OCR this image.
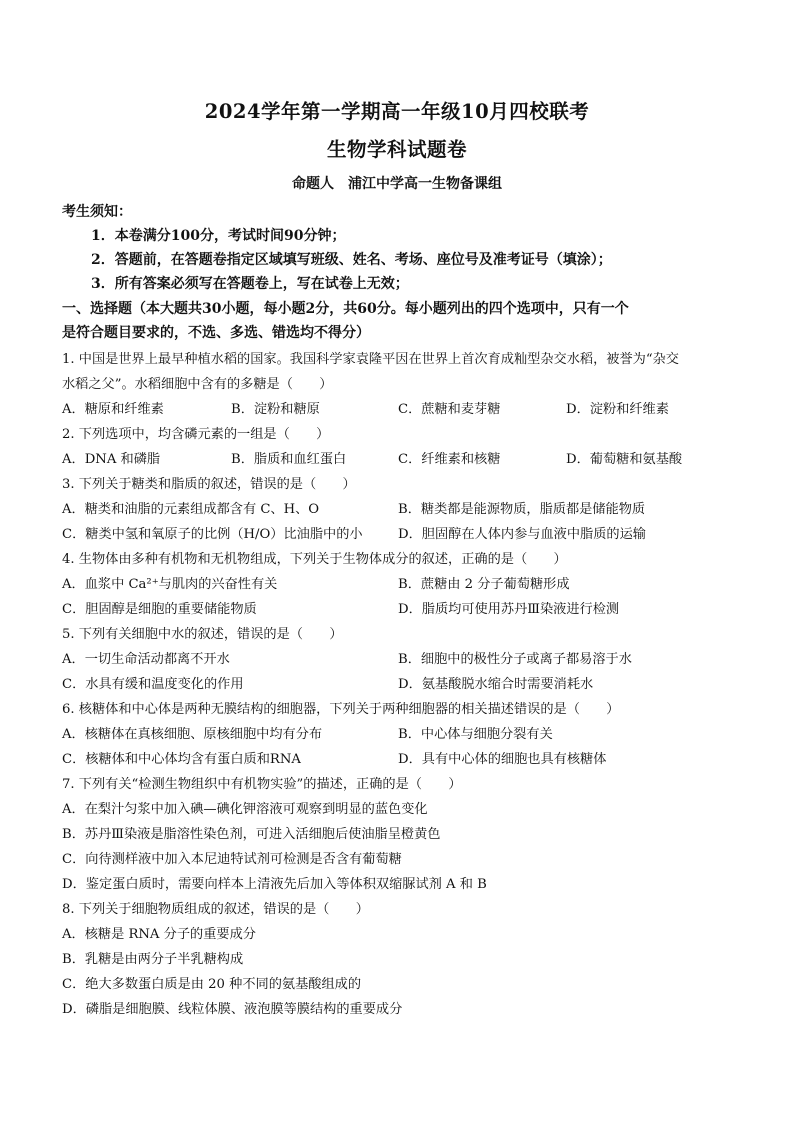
2024学年第一学期高一年级10月四校联考
生物学科试题卷
命题人 浦江中学高一生物备课组
考生须知：
1．本卷满分100分，考试时间90分钟；
2．答题前，在答题卷指定区域填写班级、姓名、考场、座位号及准考证号（填涂）；
3．所有答案必须写在答题卷上，写在试卷上无效；
一、选择题（本大题共30小题，每小题2分，共60分。每小题列出的四个选项中，只有一个
是符合题目要求的，不选、多选、错选均不得分）
1. 中国是世界上最早种植水稻的国家。我国科学家袁隆平因在世界上首次育成籼型杂交水稻，被誉为“杂交
水稻之父”。水稻细胞中含有的多糖是（　　）
A．糖原和纤维素	B．淀粉和糖原	C．蔗糖和麦芽糖	D．淀粉和纤维素
2. 下列选项中，均含磷元素的一组是（　　）
A．DNA 和磷脂	B．脂质和血红蛋白	C．纤维素和核糖	D．葡萄糖和氨基酸
3. 下列关于糖类和脂质的叙述，错误的是（　　）
A．糖类和油脂的元素组成都含有 C、H、O	B．糖类都是能源物质，脂质都是储能物质
C．糖类中氢和氧原子的比例（H/O）比油脂中的小	D．胆固醇在人体内参与血液中脂质的运输
4. 生物体由多种有机物和无机物组成，下列关于生物体成分的叙述，正确的是（　　）
A．血浆中 Ca²⁺与肌肉的兴奋性有关	B．蔗糖由 2 分子葡萄糖形成
C．胆固醇是细胞的重要储能物质	D．脂质均可使用苏丹Ⅲ染液进行检测
5. 下列有关细胞中水的叙述，错误的是（　　）
A．一切生命活动都离不开水	B．细胞中的极性分子或离子都易溶于水
C．水具有缓和温度变化的作用	D．氨基酸脱水缩合时需要消耗水
6. 核糖体和中心体是两种无膜结构的细胞器，下列关于两种细胞器的相关描述错误的是（　　）
A．核糖体在真核细胞、原核细胞中均有分布	B．中心体与细胞分裂有关
C．核糖体和中心体均含有蛋白质和RNA	D．具有中心体的细胞也具有核糖体
7. 下列有关“检测生物组织中有机物实验”的描述，正确的是（　　）
A．在梨汁匀浆中加入碘—碘化钾溶液可观察到明显的蓝色变化
B．苏丹Ⅲ染液是脂溶性染色剂，可进入活细胞后使油脂呈橙黄色
C．向待测样液中加入本尼迪特试剂可检测是否含有葡萄糖
D．鉴定蛋白质时，需要向样本上清液先后加入等体积双缩脲试剂 A 和 B
8. 下列关于细胞物质组成的叙述，错误的是（　　）
A．核糖是 RNA 分子的重要成分
B．乳糖是由两分子半乳糖构成
C．绝大多数蛋白质是由 20 种不同的氨基酸组成的
D．磷脂是细胞膜、线粒体膜、液泡膜等膜结构的重要成分
